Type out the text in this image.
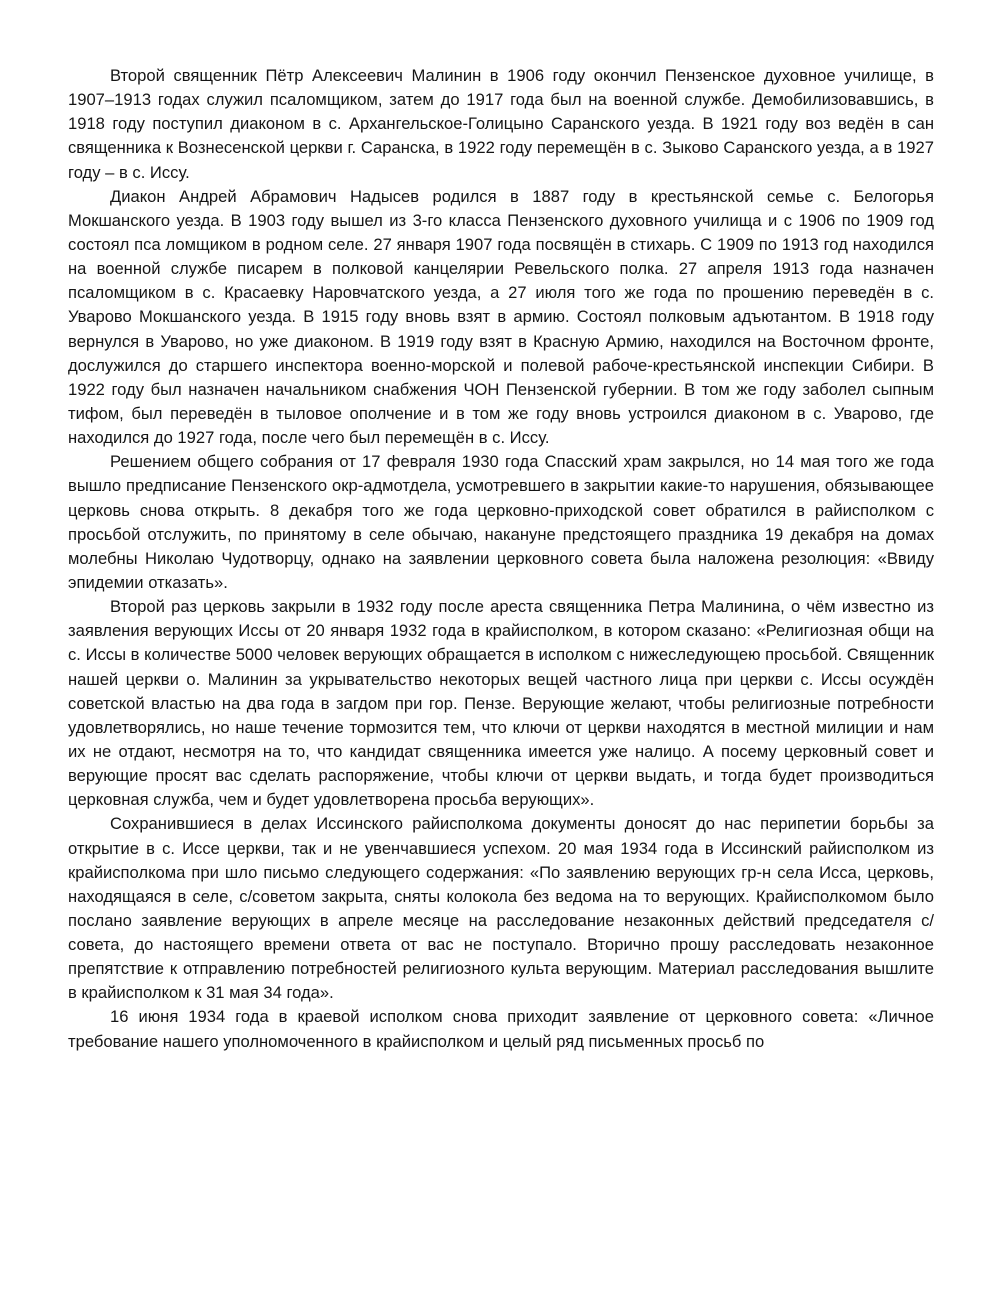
Второй священник Пётр Алексеевич Малинин в 1906 году окончил Пензенское духовное училище, в 1907–1913 годах служил псаломщиком, затем до 1917 года был на военной службе. Демобилизовавшись, в 1918 году поступил диаконом в с. Архангельское-Голицыно Саранского уезда. В 1921 году воз ведён в сан священника к Вознесенской церкви г. Саранска, в 1922 году перемещён в с. Зыково Саранского уезда, а в 1927 году – в с. Иссу.

Диакон Андрей Абрамович Надысев родился в 1887 году в крестьянской семье с. Белогорья Мокшанского уезда. В 1903 году вышел из 3-го класса Пензенского духовного училища и с 1906 по 1909 год состоял пса ломщиком в родном селе. 27 января 1907 года посвящён в стихарь. С 1909 по 1913 год находился на военной службе писарем в полковой канцелярии Ревельского полка. 27 апреля 1913 года назначен псаломщиком в с. Красаевку Наровчатского уезда, а 27 июля того же года по прошению переведён в с. Уварово Мокшанского уезда. В 1915 году вновь взят в армию. Состоял полковым адъютантом. В 1918 году вернулся в Уварово, но уже диаконом. В 1919 году взят в Красную Армию, находился на Восточном фронте, дослужился до старшего инспектора военно-морской и полевой рабоче-крестьянской инспекции Сибири. В 1922 году был назначен начальником снабжения ЧОН Пензенской губернии. В том же году заболел сыпным тифом, был переведён в тыловое ополчение и в том же году вновь устроился диаконом в с. Уварово, где находился до 1927 года, после чего был перемещён в с. Иссу.

Решением общего собрания от 17 февраля 1930 года Спасский храм закрылся, но 14 мая того же года вышло предписание Пензенского окр-адмотдела, усмотревшего в закрытии какие-то нарушения, обязывающее церковь снова открыть. 8 декабря того же года церковно-приходской совет обратился в райисполком с просьбой отслужить, по принятому в селе обычаю, накануне предстоящего праздника 19 декабря на домах молебны Николаю Чудотворцу, однако на заявлении церковного совета была наложена резолюция: «Ввиду эпидемии отказать».

Второй раз церковь закрыли в 1932 году после ареста священника Петра Малинина, о чём известно из заявления верующих Иссы от 20 января 1932 года в крайисполком, в котором сказано: «Религиозная общи на с. Иссы в количестве 5000 человек верующих обращается в исполком с нижеследующею просьбой. Священник нашей церкви о. Малинин за укрывательство некоторых вещей частного лица при церкви с. Иссы осуждён советской властью на два года в загдом при гор. Пензе. Верующие желают, чтобы религиозные потребности удовлетворялись, но наше течение тормозится тем, что ключи от церкви находятся в местной милиции и нам их не отдают, несмотря на то, что кандидат священника имеется уже налицо. А посему церковный совет и верующие просят вас сделать распоряжение, чтобы ключи от церкви выдать, и тогда будет производиться церковная служба, чем и будет удовлетворена просьба верующих».

Сохранившиеся в делах Иссинского райисполкома документы доносят до нас перипетии борьбы за открытие в с. Иссе церкви, так и не увенчавшиеся успехом. 20 мая 1934 года в Иссинский райисполком из крайисполкома при шло письмо следующего содержания: «По заявлению верующих гр-н села Исса, церковь, находящаяся в селе, с/советом закрыта, сняты колокола без ведома на то верующих. Крайисполкомом было послано заявление верующих в апреле месяце на расследование незаконных действий председателя с/совета, до настоящего времени ответа от вас не поступало. Вторично прошу расследовать незаконное препятствие к отправлению потребностей религиозного культа верующим. Материал расследования вышлите в крайисполком к 31 мая 34 года».

16 июня 1934 года в краевой исполком снова приходит заявление от церковного совета: «Личное требование нашего уполномоченного в крайисполком и целый ряд письменных просьб по
